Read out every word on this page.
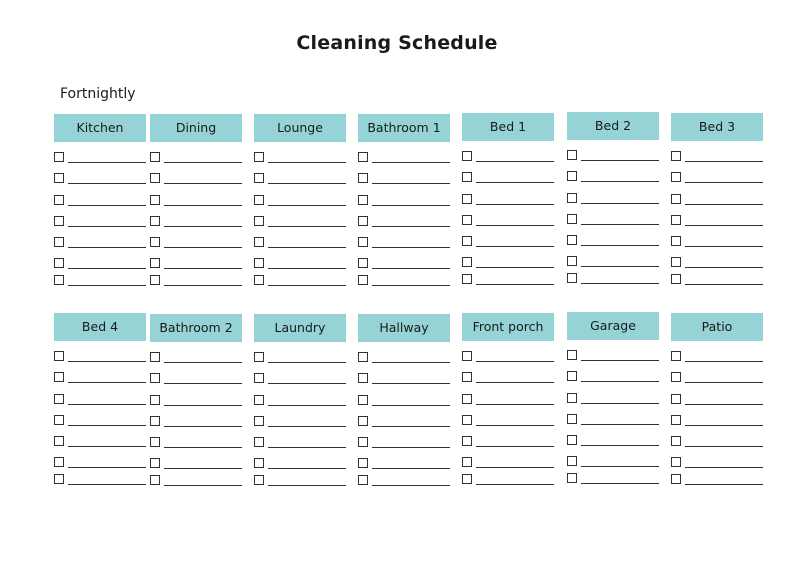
Cleaning Schedule
Fortnightly
Kitchen	Dining	Lounge	Bathroom 1	Bed 1	Bed 2	Bed 3
Bed 4	Bathroom 2	Laundry	Hallway	Front porch	Garage	Patio
